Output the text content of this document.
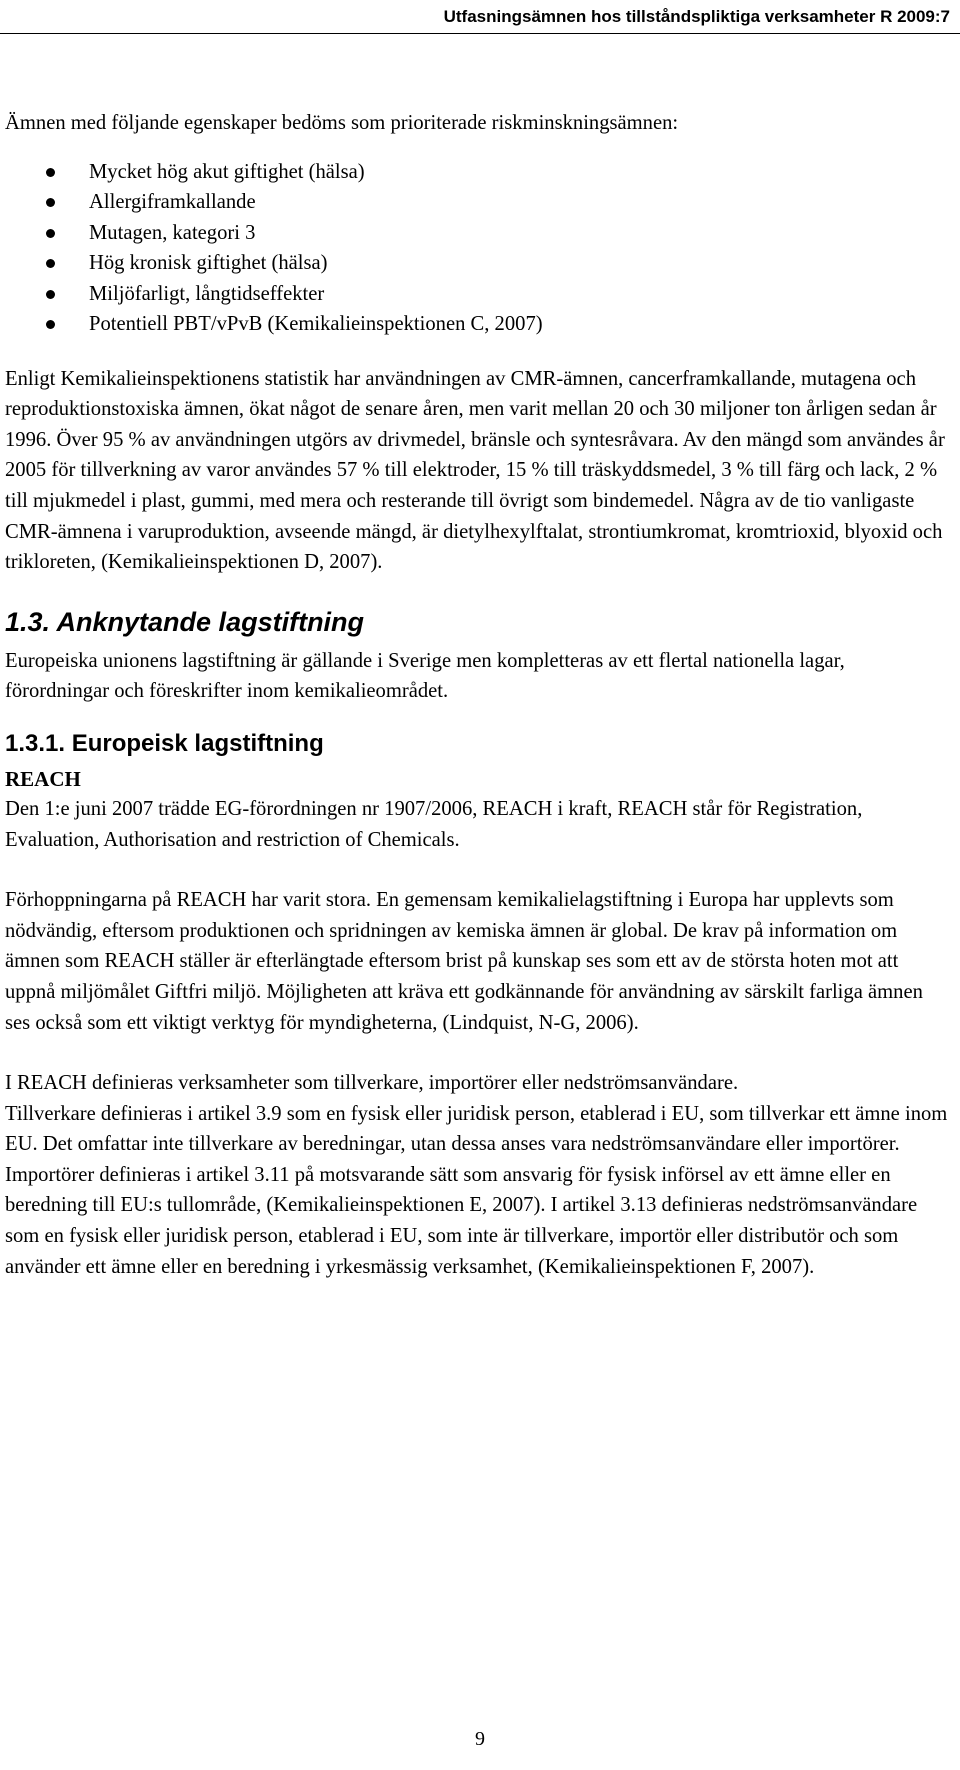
Utfasningsämnen hos tillståndspliktiga verksamheter R 2009:7

Ämnen med följande egenskaper bedöms som prioriterade riskminskningsämnen:

Mycket hög akut giftighet (hälsa)
Allergiframkallande
Mutagen, kategori 3
Hög kronisk giftighet (hälsa)
Miljöfarligt, långtidseffekter
Potentiell PBT/vPvB (Kemikalieinspektionen C, 2007)

Enligt Kemikalieinspektionens statistik har användningen av CMR-ämnen, cancerframkallande, mutagena och reproduktionstoxiska ämnen, ökat något de senare åren, men varit mellan 20 och 30 miljoner ton årligen sedan år 1996. Över 95 % av användningen utgörs av drivmedel, bränsle och syntesråvara. Av den mängd som användes år 2005 för tillverkning av varor användes 57 % till elektroder, 15 % till träskyddsmedel, 3 % till färg och lack, 2 % till mjukmedel i plast, gummi, med mera och resterande till övrigt som bindemedel. Några av de tio vanligaste CMR-ämnena i varuproduktion, avseende mängd, är dietylhexylftalat, strontiumkromat, kromtrioxid, blyoxid och trikloreten, (Kemikalieinspektionen D, 2007).

1.3. Anknytande lagstiftning

Europeiska unionens lagstiftning är gällande i Sverige men kompletteras av ett flertal nationella lagar, förordningar och föreskrifter inom kemikalieområdet.

1.3.1. Europeisk lagstiftning
REACH

Den 1:e juni 2007 trädde EG-förordningen nr 1907/2006, REACH i kraft, REACH står för Registration, Evaluation, Authorisation and restriction of Chemicals.

Förhoppningarna på REACH har varit stora. En gemensam kemikalielagstiftning i Europa har upplevts som nödvändig, eftersom produktionen och spridningen av kemiska ämnen är global. De krav på information om ämnen som REACH ställer är efterlängtade eftersom brist på kunskap ses som ett av de största hoten mot att uppnå miljömålet Giftfri miljö. Möjligheten att kräva ett godkännande för användning av särskilt farliga ämnen ses också som ett viktigt verktyg för myndigheterna, (Lindquist, N-G, 2006).

I REACH definieras verksamheter som tillverkare, importörer eller nedströmsanvändare.

Tillverkare definieras i artikel 3.9 som en fysisk eller juridisk person, etablerad i EU, som tillverkar ett ämne inom EU. Det omfattar inte tillverkare av beredningar, utan dessa anses vara nedströmsanvändare eller importörer. Importörer definieras i artikel 3.11 på motsvarande sätt som ansvarig för fysisk införsel av ett ämne eller en beredning till EU:s tullområde, (Kemikalieinspektionen E, 2007). I artikel 3.13 definieras nedströmsanvändare som en fysisk eller juridisk person, etablerad i EU, som inte är tillverkare, importör eller distributör och som använder ett ämne eller en beredning i yrkesmässig verksamhet, (Kemikalieinspektionen F, 2007).

9
